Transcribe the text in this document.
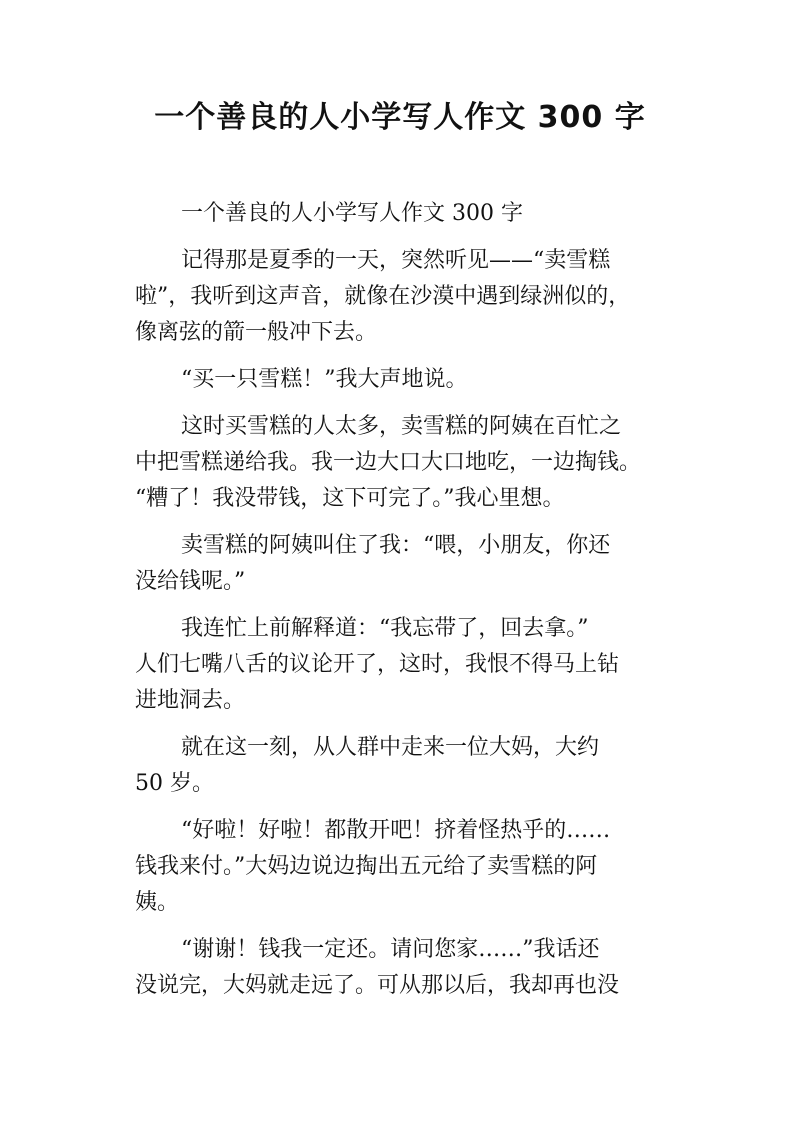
一个善良的人小学写人作文 300 字
一个善良的人小学写人作文 300 字
记得那是夏季的一天，突然听见——“卖雪糕
啦”，我听到这声音，就像在沙漠中遇到绿洲似的，
像离弦的箭一般冲下去。
“买一只雪糕！”我大声地说。
这时买雪糕的人太多，卖雪糕的阿姨在百忙之
中把雪糕递给我。我一边大口大口地吃，一边掏钱。
“糟了！我没带钱，这下可完了。”我心里想。
卖雪糕的阿姨叫住了我：“喂，小朋友，你还
没给钱呢。”
我连忙上前解释道：“我忘带了，回去拿。”
人们七嘴八舌的议论开了，这时，我恨不得马上钻
进地洞去。
就在这一刻，从人群中走来一位大妈，大约
50 岁。
“好啦！好啦！都散开吧！挤着怪热乎的……
钱我来付。”大妈边说边掏出五元给了卖雪糕的阿
姨。
“谢谢！钱我一定还。请问您家……”我话还
没说完，大妈就走远了。可从那以后，我却再也没
